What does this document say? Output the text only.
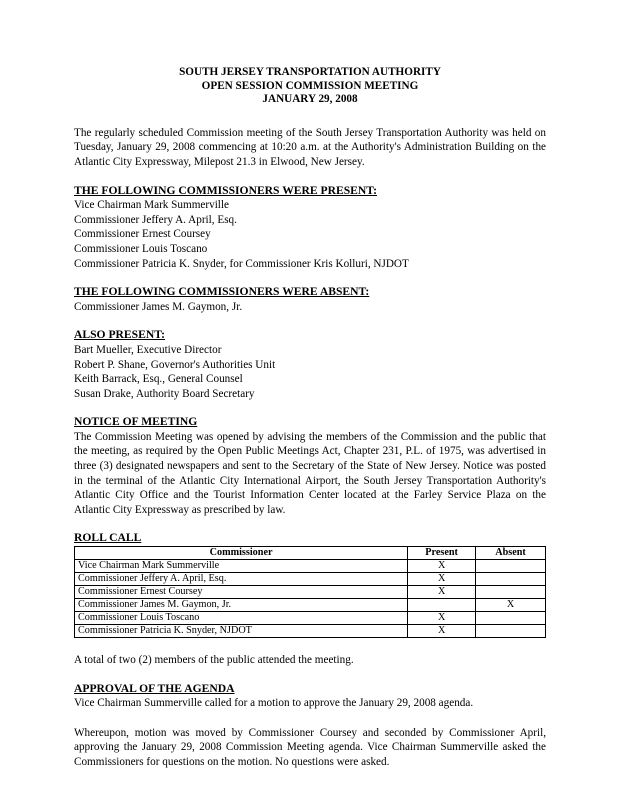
SOUTH JERSEY TRANSPORTATION AUTHORITY
OPEN SESSION COMMISSION MEETING
JANUARY 29, 2008

The regularly scheduled Commission meeting of the South Jersey Transportation Authority was held on Tuesday, January 29, 2008 commencing at 10:20 a.m. at the Authority's Administration Building on the Atlantic City Expressway, Milepost 21.3 in Elwood, New Jersey.

THE FOLLOWING COMMISSIONERS WERE PRESENT:
Vice Chairman Mark Summerville
Commissioner Jeffery A. April, Esq.
Commissioner Ernest Coursey
Commissioner Louis Toscano
Commissioner Patricia K. Snyder, for Commissioner Kris Kolluri, NJDOT
THE FOLLOWING COMMISSIONERS WERE ABSENT:
Commissioner James M. Gaymon, Jr.
ALSO PRESENT:
Bart Mueller, Executive Director
Robert P. Shane, Governor's Authorities Unit
Keith Barrack, Esq., General Counsel
Susan Drake, Authority Board Secretary
NOTICE OF MEETING

The Commission Meeting was opened by advising the members of the Commission and the public that the meeting, as required by the Open Public Meetings Act, Chapter 231, P.L. of 1975, was advertised in three (3) designated newspapers and sent to the Secretary of the State of New Jersey. Notice was posted in the terminal of the Atlantic City International Airport, the South Jersey Transportation Authority's Atlantic City Office and the Tourist Information Center located at the Farley Service Plaza on the Atlantic City Expressway as prescribed by law.

ROLL CALL
Commissioner	Present	Absent
Vice Chairman Mark Summerville	X	
Commissioner Jeffery A. April, Esq.	X	
Commissioner Ernest Coursey	X	
Commissioner James M. Gaymon, Jr.		X
Commissioner Louis Toscano	X	
Commissioner Patricia K. Snyder, NJDOT	X	

A total of two (2) members of the public attended the meeting.

APPROVAL OF THE AGENDA

Vice Chairman Summerville called for a motion to approve the January 29, 2008 agenda.

Whereupon, motion was moved by Commissioner Coursey and seconded by Commissioner April, approving the January 29, 2008 Commission Meeting agenda. Vice Chairman Summerville asked the Commissioners for questions on the motion. No questions were asked.
